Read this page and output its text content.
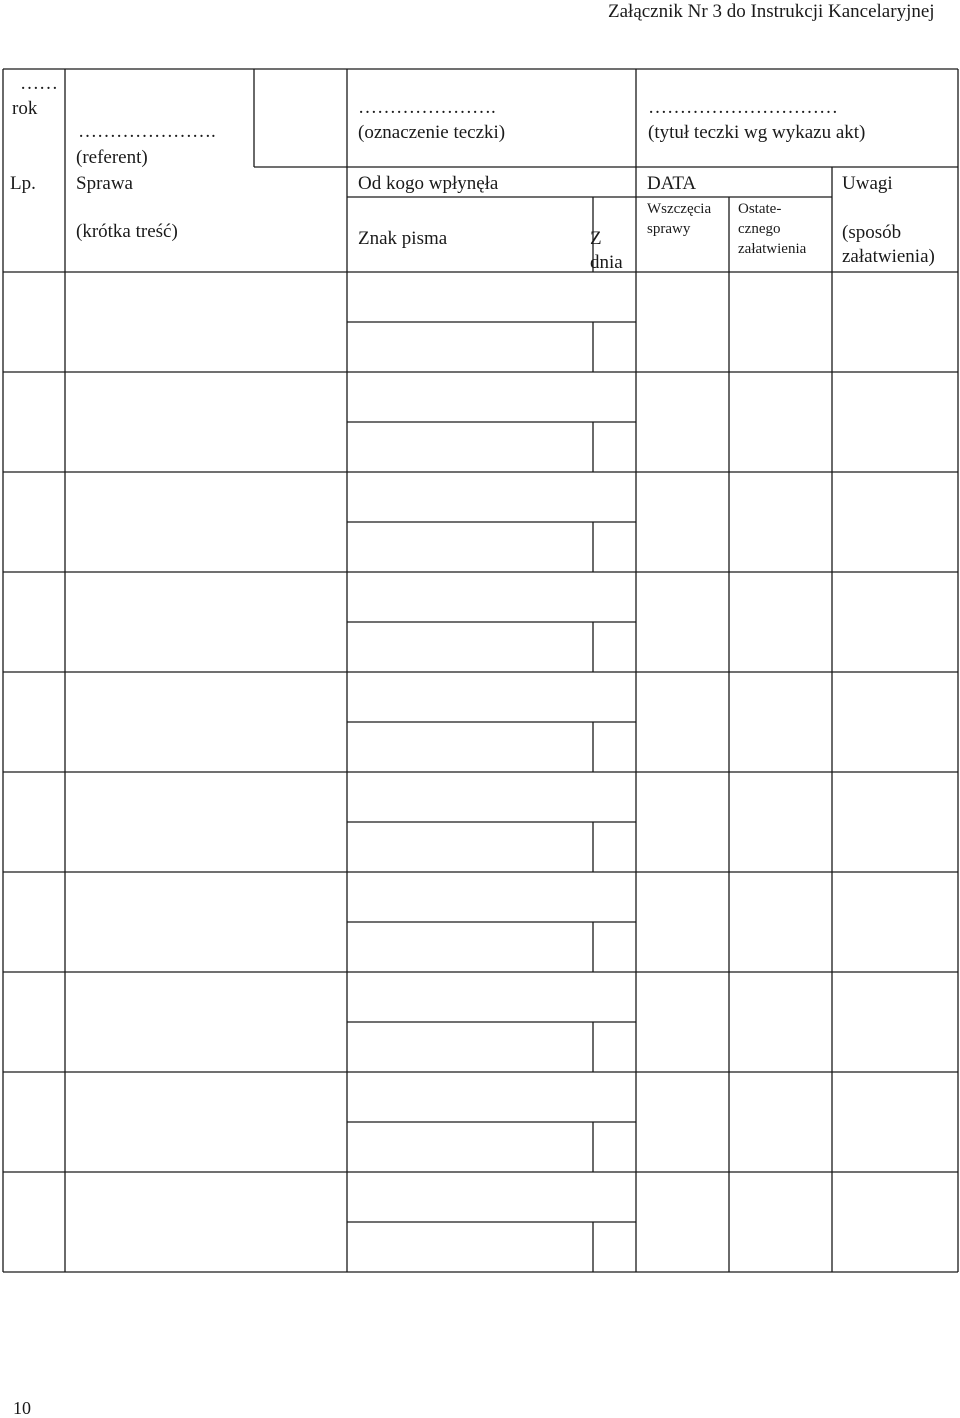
Załącznik Nr 3 do Instrukcji Kancelaryjnej
……
rok
………………….
(referent)
………………….
(oznaczenie teczki)
…………………………
(tytuł teczki wg wykazu akt)
Lp. Sprawa
(krótka treść)
Od kogo wpłynęła
Znak pisma	Z
dnia
DATA
Wszczęcia
sprawy
Ostate-
cznego
załatwienia
Uwagi
(sposób
załatwienia)
10
